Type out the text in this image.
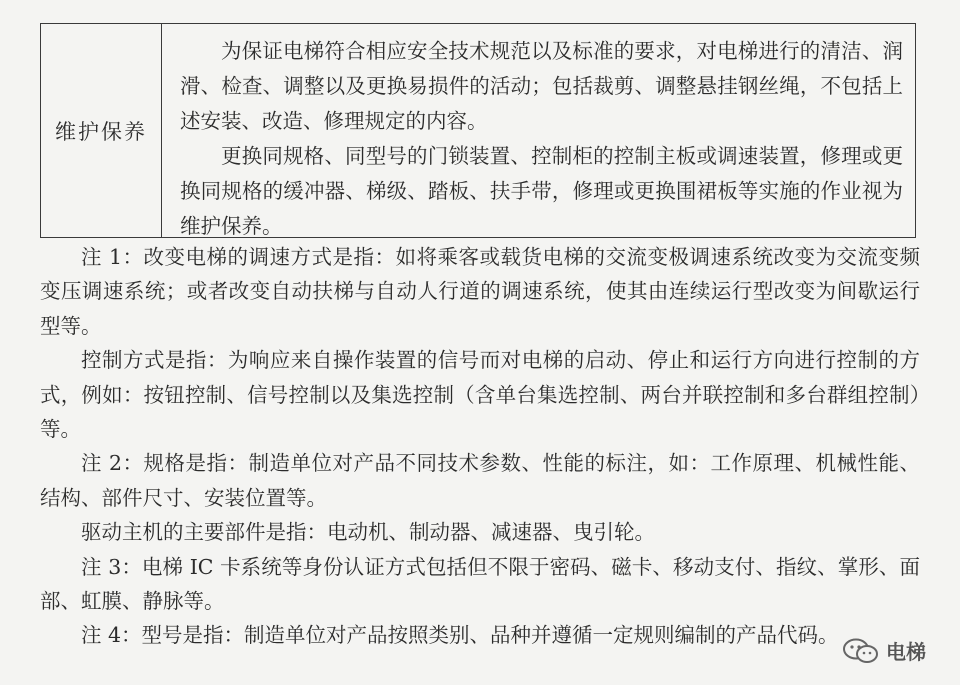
维护保养

为保证电梯符合相应安全技术规范以及标准的要求，对电梯进行的清洁、润滑、检查、调整以及更换易损件的活动；包括裁剪、调整悬挂钢丝绳，不包括上述安装、改造、修理规定的内容。

更换同规格、同型号的门锁装置、控制柜的控制主板或调速装置，修理或更换同规格的缓冲器、梯级、踏板、扶手带，修理或更换围裙板等实施的作业视为维护保养。

注 1：改变电梯的调速方式是指：如将乘客或载货电梯的交流变极调速系统改变为交流变频变压调速系统；或者改变自动扶梯与自动人行道的调速系统，使其由连续运行型改变为间歇运行型等。

控制方式是指：为响应来自操作装置的信号而对电梯的启动、停止和运行方向进行控制的方式，例如：按钮控制、信号控制以及集选控制（含单台集选控制、两台并联控制和多台群组控制）等。

注 2：规格是指：制造单位对产品不同技术参数、性能的标注，如：工作原理、机械性能、结构、部件尺寸、安装位置等。

驱动主机的主要部件是指：电动机、制动器、减速器、曳引轮。

注 3：电梯 IC 卡系统等身份认证方式包括但不限于密码、磁卡、移动支付、指纹、掌形、面部、虹膜、静脉等。

注 4：型号是指：制造单位对产品按照类别、品种并遵循一定规则编制的产品代码。

电梯
